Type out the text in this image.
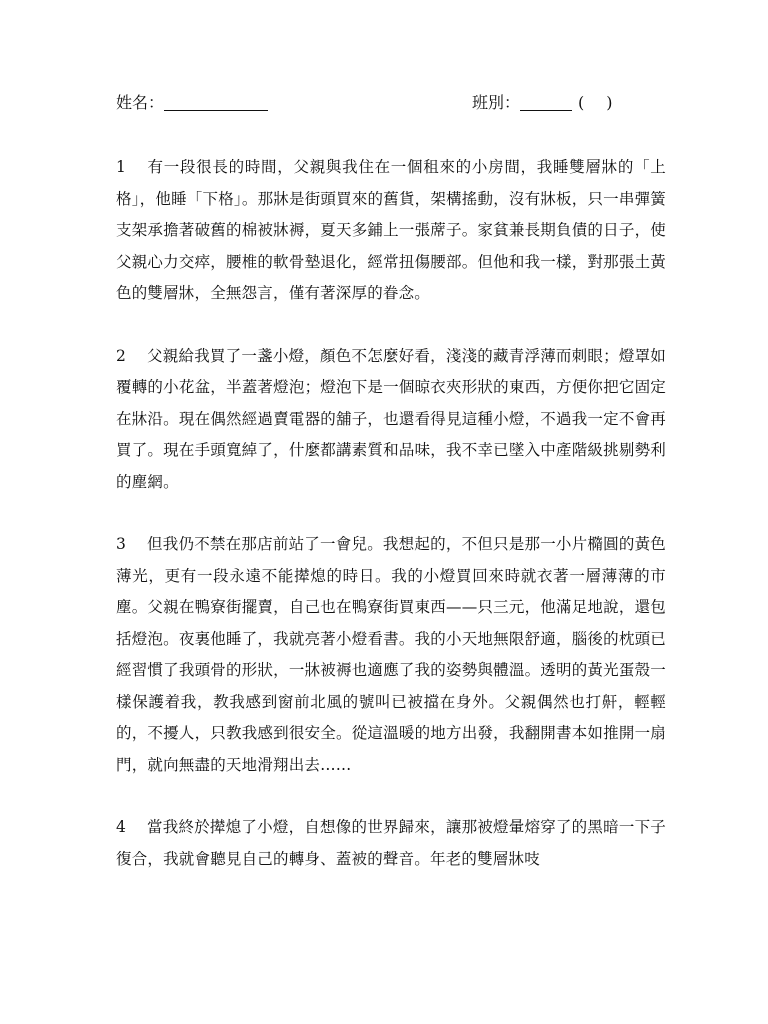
姓名：	班別：	( )

1 有一段很長的時間，父親與我住在一個租來的小房間，我睡雙層牀的「上格」，他睡「下格」。那牀是街頭買來的舊貨，架構搖動，沒有牀板，只一串彈簧支架承擔著破舊的棉被牀褥，夏天多鋪上一張蓆子。家貧兼長期負債的日子，使父親心力交瘁，腰椎的軟骨墊退化，經常扭傷腰部。但他和我一樣，對那張土黃色的雙層牀，全無怨言，僅有著深厚的眷念。

2 父親給我買了一盞小燈，顏色不怎麼好看，淺淺的藏青浮薄而刺眼；燈罩如覆轉的小花盆，半蓋著燈泡；燈泡下是一個晾衣夾形狀的東西，方便你把它固定在牀沿。現在偶然經過賣電器的舖子，也還看得見這種小燈，不過我一定不會再買了。現在手頭寬綽了，什麼都講素質和品味，我不幸已墜入中產階級挑剔勢利的塵網。

3 但我仍不禁在那店前站了一會兒。我想起的，不但只是那一小片橢圓的黃色薄光，更有一段永遠不能撵熄的時日。我的小燈買回來時就衣著一層薄薄的市塵。父親在鴨寮街擺賣，自己也在鴨寮街買東西——只三元，他滿足地說，還包括燈泡。夜裏他睡了，我就亮著小燈看書。我的小天地無限舒適，腦後的枕頭已經習慣了我頭骨的形狀，一牀被褥也適應了我的姿勢與體溫。透明的黃光蛋殼一樣保護着我，教我感到窗前北風的號叫已被擋在身外。父親偶然也打鼾，輕輕的，不擾人，只教我感到很安全。從這溫暖的地方出發，我翻開書本如推開一扇門，就向無盡的天地滑翔出去……

4 當我終於撵熄了小燈，自想像的世界歸來，讓那被燈暈熔穿了的黑暗一下子復合，我就會聽見自己的轉身、蓋被的聲音。年老的雙層牀吱
